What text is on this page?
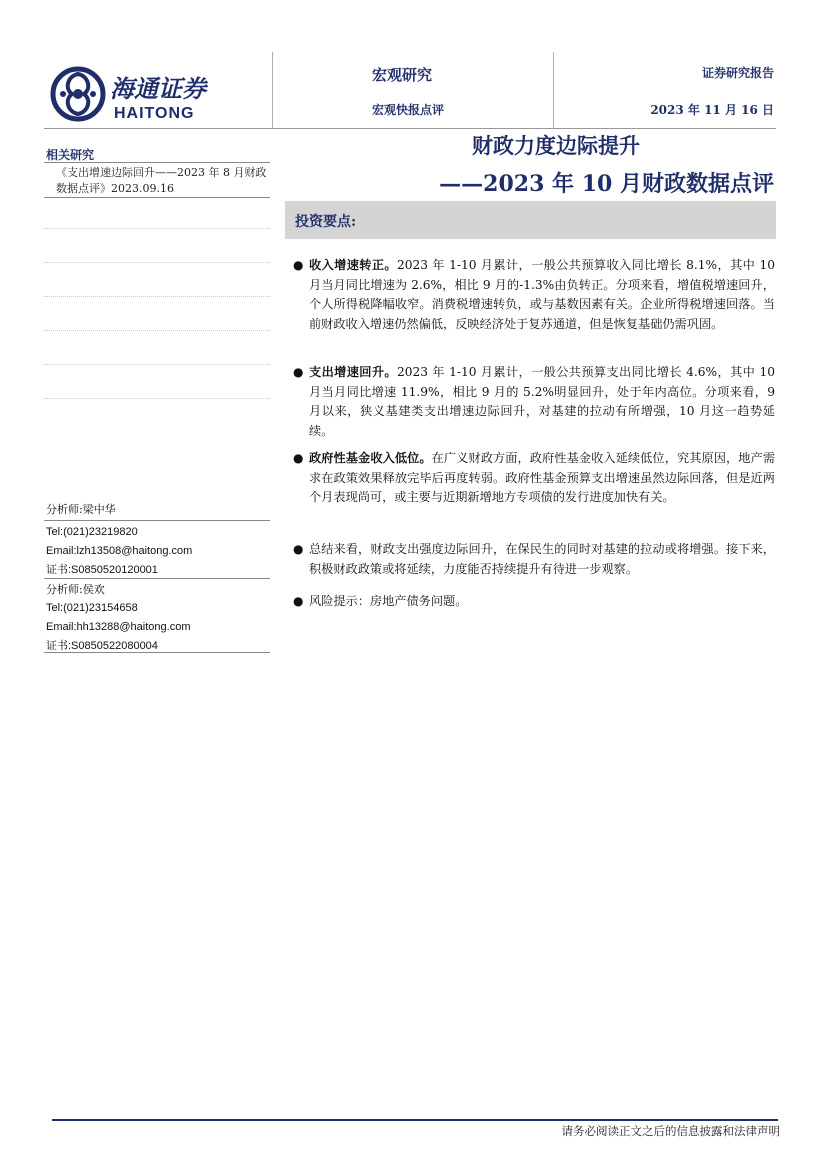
海通证券
HAITONG
宏观研究
宏观快报点评
证券研究报告
2023 年 11 月 16 日
相关研究
《支出增速边际回升——2023 年 8 月财政数据点评》2023.09.16
分析师:梁中华
Tel:(021)23219820
Email:lzh13508@haitong.com
证书:S0850520120001
分析师:侯欢
Tel:(021)23154658
Email:hh13288@haitong.com
证书:S0850522080004
财政力度边际提升
——2023 年 10 月财政数据点评
投资要点:
● 收入增速转正。2023 年 1-10 月累计，一般公共预算收入同比增长 8.1%，其中 10 月当月同比增速为 2.6%，相比 9 月的-1.3%由负转正。分项来看，增值税增速回升，个人所得税降幅收窄。消费税增速转负，或与基数因素有关。企业所得税增速回落。当前财政收入增速仍然偏低，反映经济处于复苏通道，但是恢复基础仍需巩固。
● 支出增速回升。2023 年 1-10 月累计，一般公共预算支出同比增长 4.6%，其中 10 月当月同比增速 11.9%，相比 9 月的 5.2%明显回升，处于年内高位。分项来看，9 月以来，狭义基建类支出增速边际回升，对基建的拉动有所增强，10 月这一趋势延续。
● 政府性基金收入低位。在广义财政方面，政府性基金收入延续低位，究其原因，地产需求在政策效果释放完毕后再度转弱。政府性基金预算支出增速虽然边际回落，但是近两个月表现尚可，或主要与近期新增地方专项债的发行进度加快有关。
● 总结来看，财政支出强度边际回升，在保民生的同时对基建的拉动或将增强。接下来，积极财政政策或将延续，力度能否持续提升有待进一步观察。
● 风险提示：房地产债务问题。
请务必阅读正文之后的信息披露和法律声明
